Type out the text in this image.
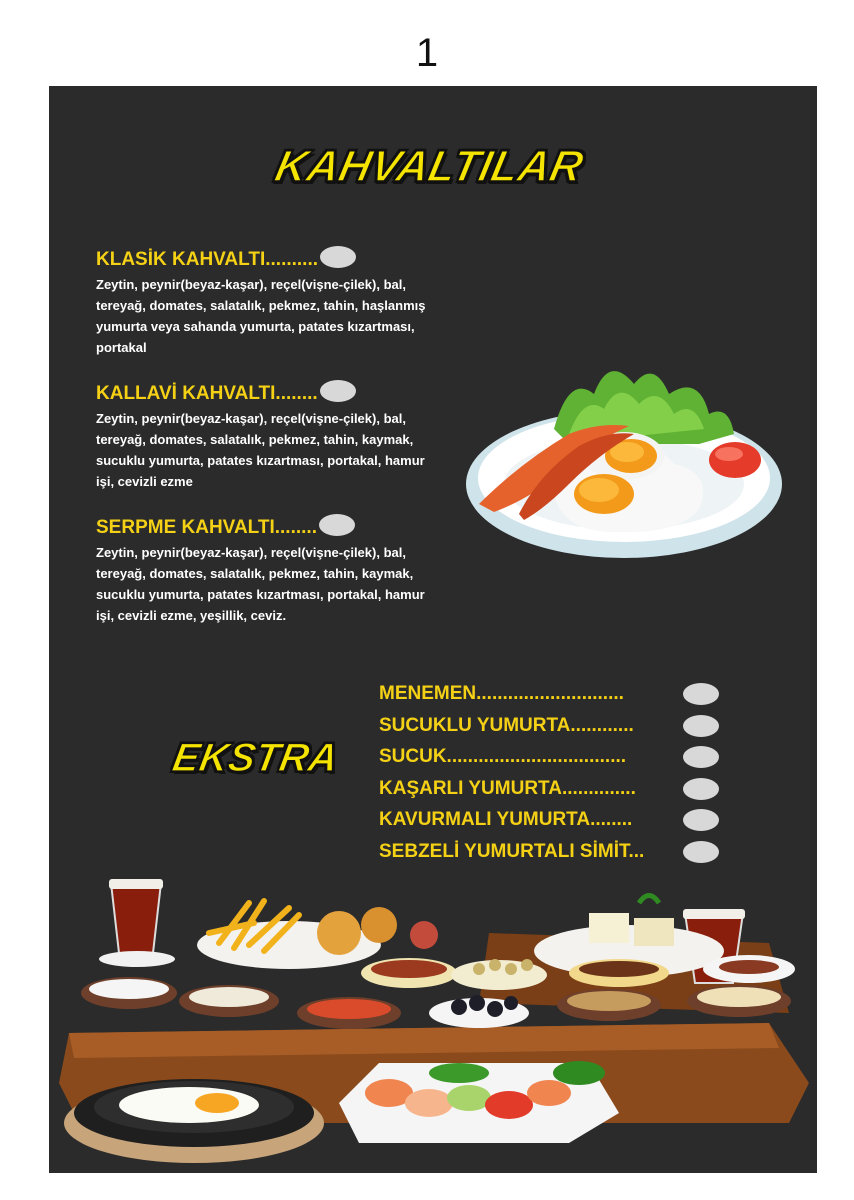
1
KAHVALTILAR
KLASİK KAHVALTI..........
Zeytin, peynir(beyaz-kaşar), reçel(vişne-çilek), bal, tereyağ, domates, salatalık, pekmez, tahin, haşlanmış yumurta veya sahanda yumurta, patates kızartması, portakal
KALLAVİ KAHVALTI........
Zeytin, peynir(beyaz-kaşar), reçel(vişne-çilek), bal, tereyağ, domates, salatalık, pekmez, tahin, kaymak, sucuklu yumurta, patates kızartması, portakal, hamur işi, cevizli ezme
SERPME KAHVALTI........
Zeytin, peynir(beyaz-kaşar), reçel(vişne-çilek), bal, tereyağ, domates, salatalık, pekmez, tahin, kaymak, sucuklu yumurta, patates kızartması, portakal, hamur işi, cevizli ezme, yeşillik, ceviz.
EKSTRA
MENEMEN............................
SUCUKLU YUMURTA............
SUCUK..................................
KAŞARLI YUMURTA..............
KAVURMALI YUMURTA........
SEBZELİ YUMURTALI SİMİT...
